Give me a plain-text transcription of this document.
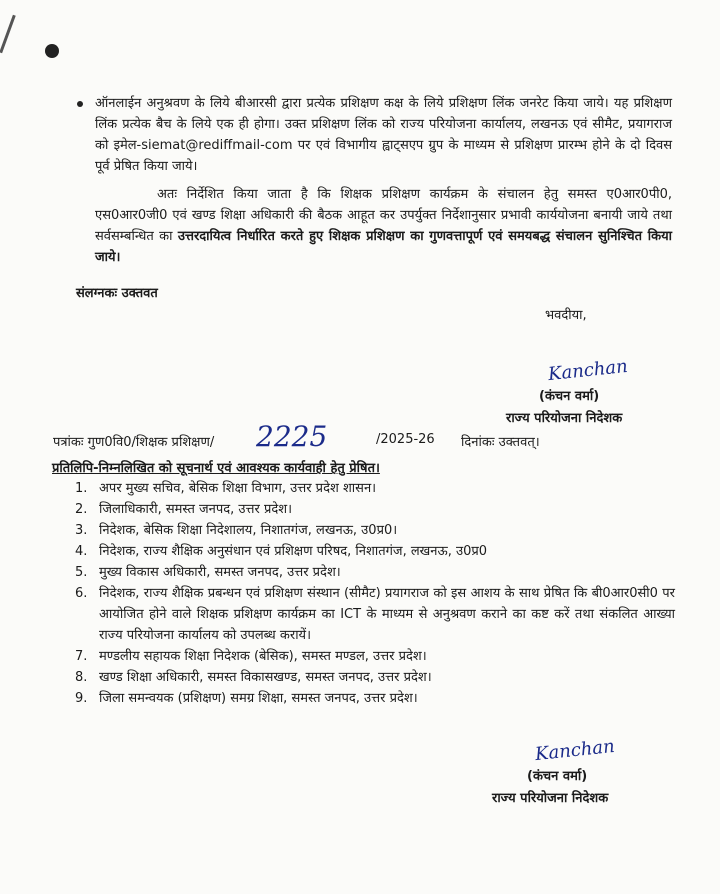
ऑनलाईन अनुश्रवण के लिये बीआरसी द्वारा प्रत्येक प्रशिक्षण कक्ष के लिये प्रशिक्षण लिंक जनरेट किया जाये। यह प्रशिक्षण लिंक प्रत्येक बैच के लिये एक ही होगा। उक्त प्रशिक्षण लिंक को राज्य परियोजना कार्यालय, लखनऊ एवं सीमैट, प्रयागराज को इमेल-siemat@rediffmail-com पर एवं विभागीय ह्वाट्सएप ग्रुप के माध्यम से प्रशिक्षण प्रारम्भ होने के दो दिवस पूर्व प्रेषित किया जाये।
अतः निर्देशित किया जाता है कि शिक्षक प्रशिक्षण कार्यक्रम के संचालन हेतु समस्त ए0आर0पी0, एस0आर0जी0 एवं खण्ड शिक्षा अधिकारी की बैठक आहूत कर उपर्युक्त निर्देशानुसार प्रभावी कार्ययोजना बनायी जाये तथा सर्वसम्बन्धित का उत्तरदायित्व निर्धारित करते हुए शिक्षक प्रशिक्षण का गुणवत्तापूर्ण एवं समयबद्ध संचालन सुनिश्चित किया जाये।
संलग्नकः उक्तवत
भवदीया,
Kanchan
(कंचन वर्मा)
राज्य परियोजना निदेशक
पत्रांकः गुण0वि0/शिक्षक प्रशिक्षण/ 2225	/2025-26 दिनांकः उक्तवत्।
प्रतिलिपि-निम्नलिखित को सूचनार्थ एवं आवश्यक कार्यवाही हेतु प्रेषित।
1. अपर मुख्य सचिव, बेसिक शिक्षा विभाग, उत्तर प्रदेश शासन।
2. जिलाधिकारी, समस्त जनपद, उत्तर प्रदेश।
3. निदेशक, बेसिक शिक्षा निदेशालय, निशातगंज, लखनऊ, उ0प्र0।
4. निदेशक, राज्य शैक्षिक अनुसंधान एवं प्रशिक्षण परिषद, निशातगंज, लखनऊ, उ0प्र0
5. मुख्य विकास अधिकारी, समस्त जनपद, उत्तर प्रदेश।
6. निदेशक, राज्य शैक्षिक प्रबन्धन एवं प्रशिक्षण संस्थान (सीमैट) प्रयागराज को इस आशय के साथ प्रेषित कि बी0आर0सी0 पर आयोजित होने वाले शिक्षक प्रशिक्षण कार्यक्रम का ICT के माध्यम से अनुश्रवण कराने का कष्ट करें तथा संकलित आख्या राज्य परियोजना कार्यालय को उपलब्ध करायें।
7. मण्डलीय सहायक शिक्षा निदेशक (बेसिक), समस्त मण्डल, उत्तर प्रदेश।
8. खण्ड शिक्षा अधिकारी, समस्त विकासखण्ड, समस्त जनपद, उत्तर प्रदेश।
9. जिला समन्वयक (प्रशिक्षण) समग्र शिक्षा, समस्त जनपद, उत्तर प्रदेश।
Kanchan
(कंचन वर्मा)
राज्य परियोजना निदेशक
